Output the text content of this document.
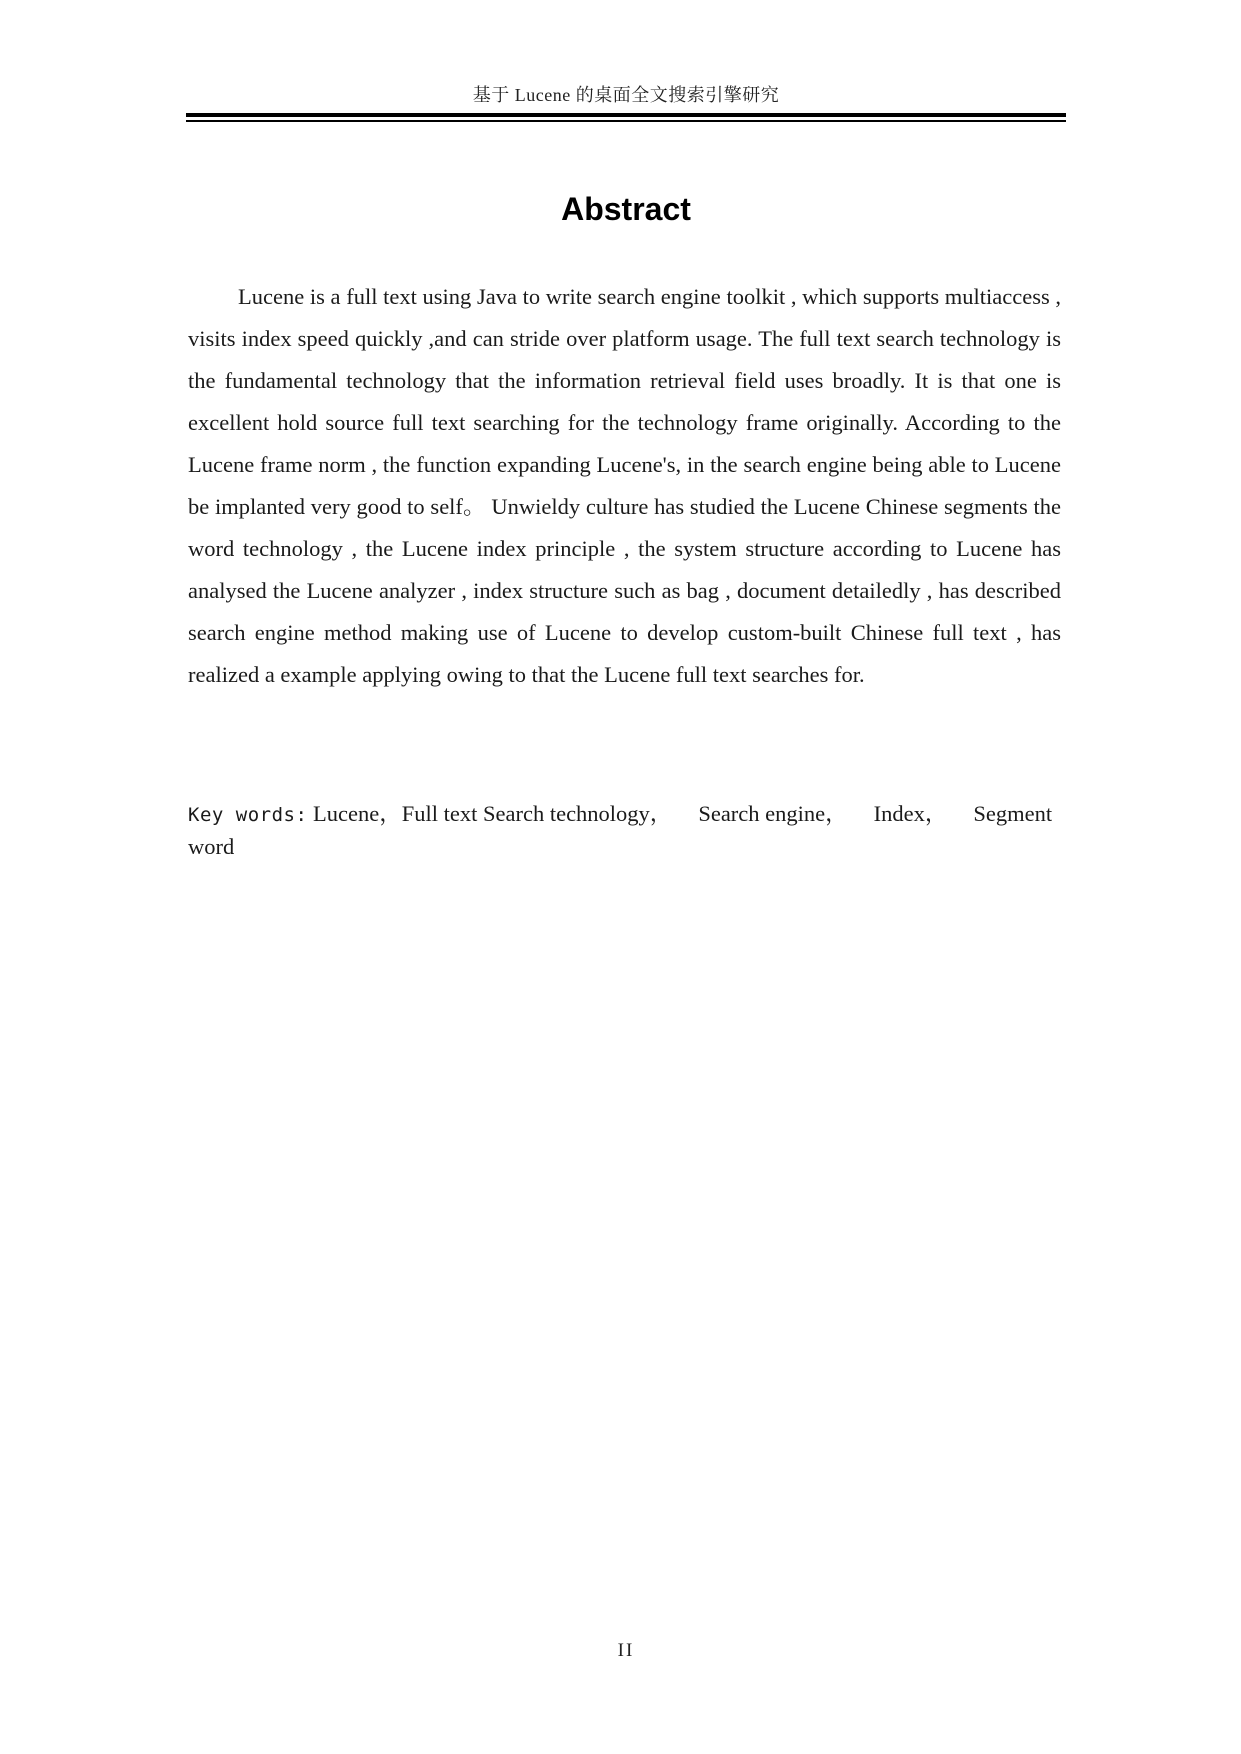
基于 Lucene 的桌面全文搜索引擎研究
Abstract

Lucene is a full text using Java to write search engine toolkit , which supports multiaccess , visits index speed quickly ,and can stride over platform usage. The full text search technology is the fundamental technology that the information retrieval field uses broadly. It is that one is excellent hold source full text searching for the technology frame originally. According to the Lucene frame norm , the function expanding Lucene's, in the search engine being able to Lucene be implanted very good to self。 Unwieldy culture has studied the Lucene Chinese segments the word technology , the Lucene index principle , the system structure according to Lucene has analysed the Lucene analyzer , index structure such as bag , document detailedly , has described search engine method making use of Lucene to develop custom-built Chinese full text , has realized a example applying owing to that the Lucene full text searches for.

Key words: Lucene，Full text Search technology， Search engine， Index， Segment word
II
